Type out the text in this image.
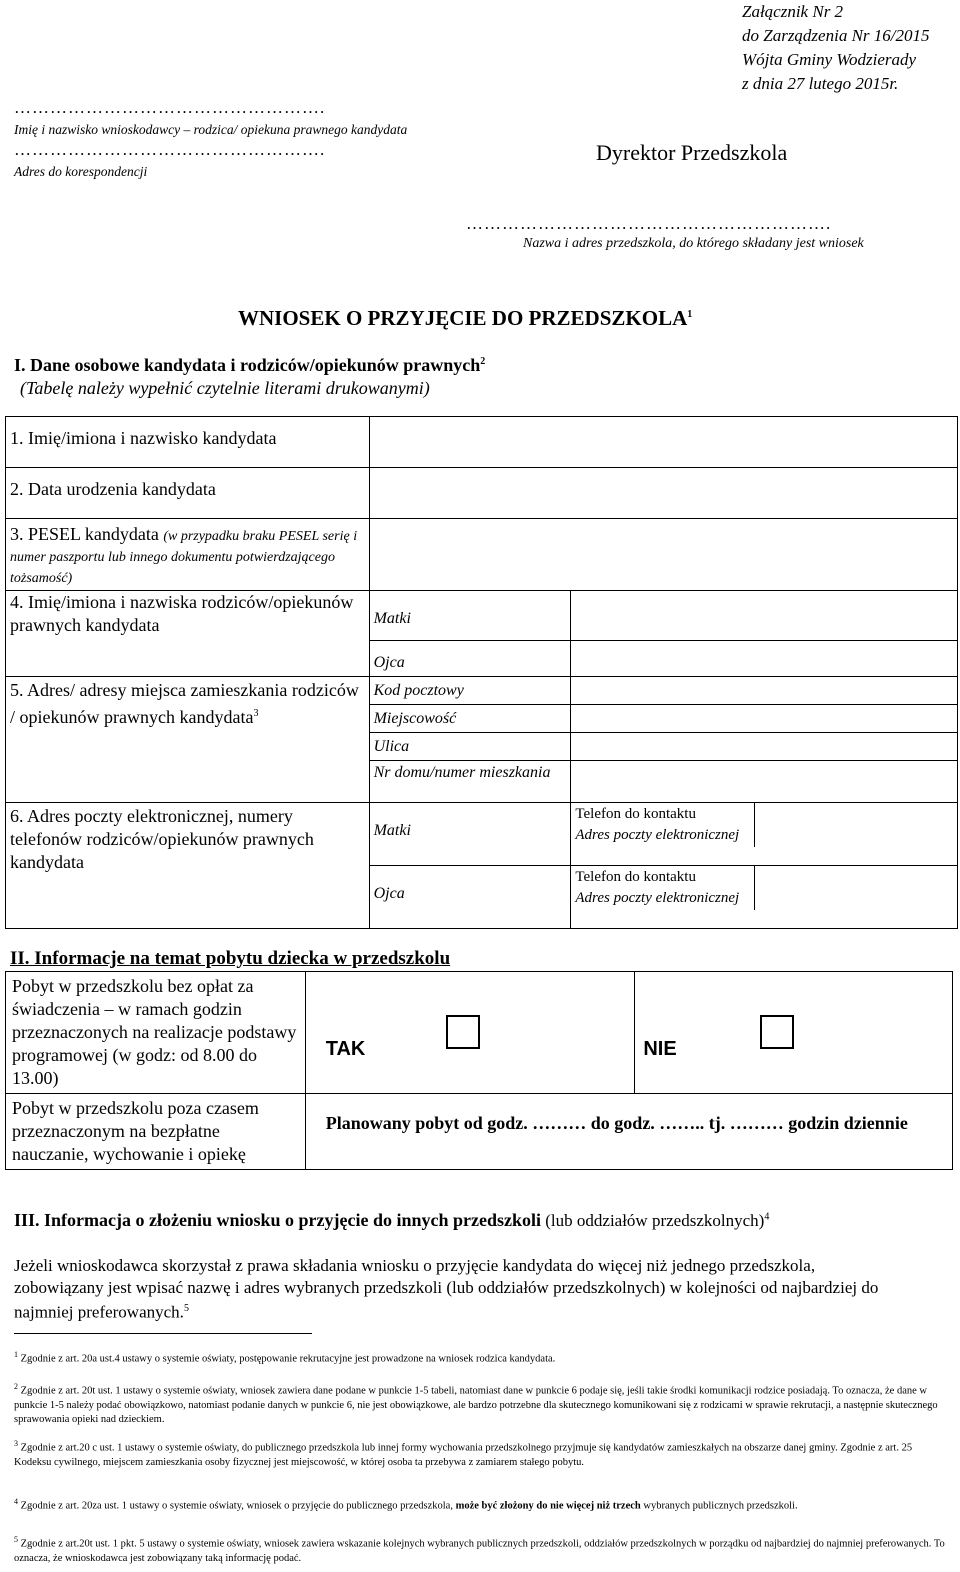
Załącznik Nr 2
do Zarządzenia Nr 16/2015
Wójta Gminy Wodzierady
z dnia 27 lutego 2015r.
…………………………………………….
Imię i nazwisko wnioskodawcy – rodzica/ opiekuna prawnego kandydata
…………………………………………….
Adres do korespondencji
Dyrektor Przedszkola
…………………………………………………….
Nazwa i adres przedszkola, do którego składany jest wniosek
WNIOSEK O PRZYJĘCIE DO PRZEDSZKOLA$^1$
I. Dane osobowe kandydata i rodziców/opiekunów prawnych$^2$
(Tabelę należy wypełnić czytelnie literami drukowanymi)
1. Imię/imiona i nazwisko kandydata		
2. Data urodzenia kandydata		
3. PESEL kandydata (w przypadku braku PESEL serię i numer paszportu lub innego dokumentu potwierdzającego tożsamość)		
4. Imię/imiona i nazwiska rodziców/opiekunów prawnych kandydata	Matki	
	Ojca	
5. Adres/ adresy miejsca zamieszkania rodziców / opiekunów prawnych kandydata$^3$	Kod pocztowy	
	Miejscowość	
	Ulica	
	Nr domu/numer mieszkania	
6. Adres poczty elektronicznej, numery telefonów rodziców/opiekunów prawnych kandydata	Matki	Telefon do kontaktu
Adres poczty elektronicznej

	Ojca	Telefon do kontaktu
Adres poczty elektronicznej
II. Informacje na temat pobytu dziecka w przedszkolu
Pobyt w przedszkolu bez opłat za świadczenia – w ramach godzin przeznaczonych na realizacje podstawy programowej (w godz: od 8.00 do 13.00)	TAK	NIE

Pobyt w przedszkolu poza czasem przeznaczonym na bezpłatne nauczanie, wychowanie i opiekę	Planowany pobyt od godz. ……… do godz. …….. tj. ……… godzin dziennie	
III. Informacja o złożeniu wniosku o przyjęcie do innych przedszkoli (lub oddziałów przedszkolnych)$^4$
Jeżeli wnioskodawca skorzystał z prawa składania wniosku o przyjęcie kandydata do więcej niż jednego przedszkola, zobowiązany jest wpisać nazwę i adres wybranych przedszkoli (lub oddziałów przedszkolnych) w kolejności od najbardziej do najmniej preferowanych.$^5$
$^1$ Zgodnie z art. 20a ust.4 ustawy o systemie oświaty, postępowanie rekrutacyjne jest prowadzone na wniosek rodzica kandydata.
$^2$ Zgodnie z art. 20t ust. 1 ustawy o systemie oświaty, wniosek zawiera dane podane w punkcie 1-5 tabeli, natomiast dane w punkcie 6 podaje się, jeśli takie środki komunikacji rodzice posiadają. To oznacza, że dane w punkcie 1-5 należy podać obowiązkowo, natomiast podanie danych w punkcie 6, nie jest obowiązkowe, ale bardzo potrzebne dla skutecznego komunikowani się z rodzicami w sprawie rekrutacji, a następnie skutecznego sprawowania opieki nad dzieckiem.
$^3$ Zgodnie z art.20 c ust. 1 ustawy o systemie oświaty, do publicznego przedszkola lub innej formy wychowania przedszkolnego przyjmuje się kandydatów zamieszkałych na obszarze danej gminy. Zgodnie z art. 25 Kodeksu cywilnego, miejscem zamieszkania osoby fizycznej jest miejscowość, w której osoba ta przebywa z zamiarem stałego pobytu.
$^4$ Zgodnie z art. 20za ust. 1 ustawy o systemie oświaty, wniosek o przyjęcie do publicznego przedszkola, może być złożony do nie więcej niż trzech wybranych publicznych przedszkoli.
$^5$ Zgodnie z art.20t ust. 1 pkt. 5 ustawy o systemie oświaty, wniosek zawiera wskazanie kolejnych wybranych publicznych przedszkoli, oddziałów przedszkolnych w porządku od najbardziej do najmniej preferowanych. To oznacza, że wnioskodawca jest zobowiązany taką informację podać.
